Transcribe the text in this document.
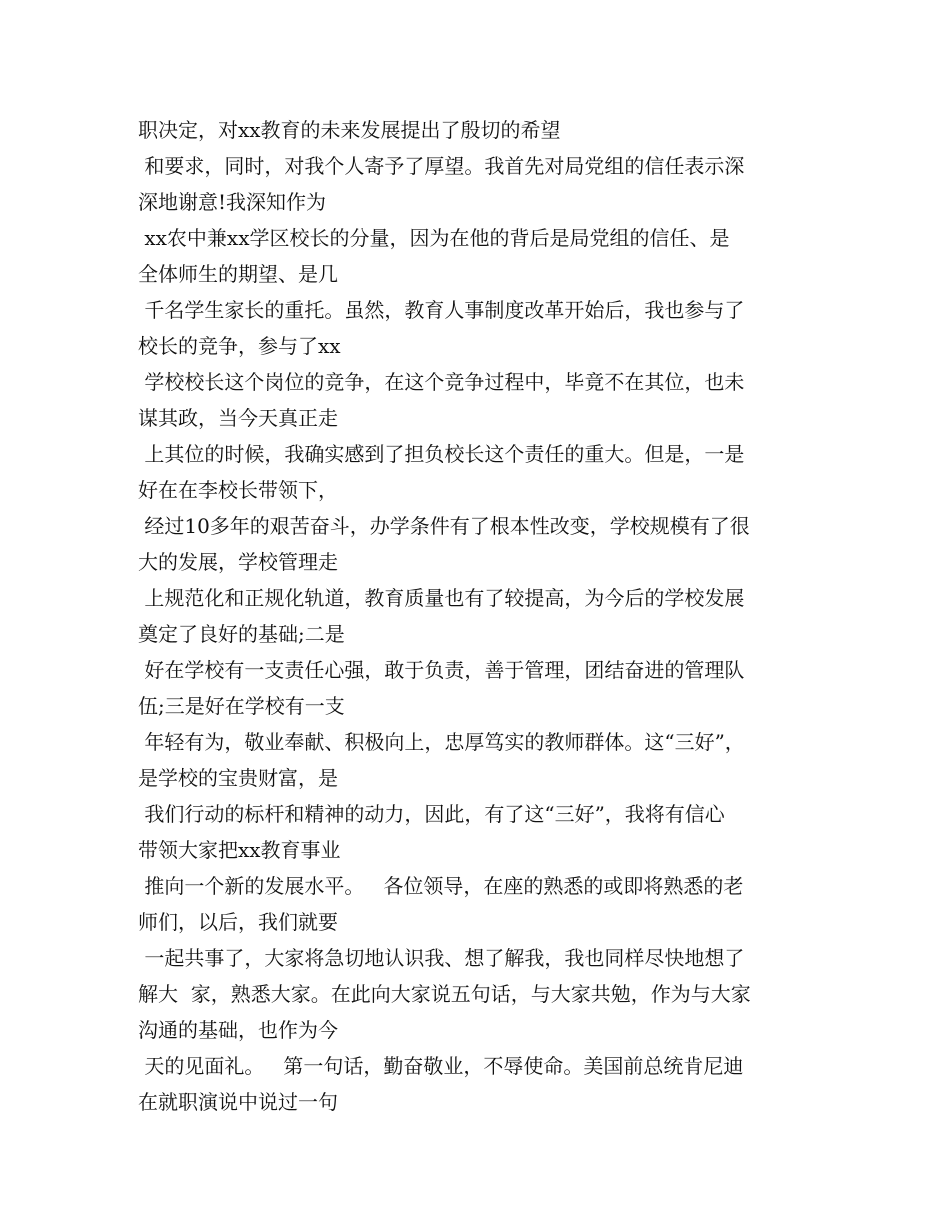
职决定，对xx教育的未来发展提出了殷切的希望
和要求，同时，对我个人寄予了厚望。我首先对局党组的信任表示深
深地谢意!我深知作为
xx农中兼xx学区校长的分量，因为在他的背后是局党组的信任、是
全体师生的期望、是几
千名学生家长的重托。虽然，教育人事制度改革开始后，我也参与了
校长的竞争，参与了xx
学校校长这个岗位的竞争，在这个竞争过程中，毕竟不在其位，也未
谋其政，当今天真正走
上其位的时候，我确实感到了担负校长这个责任的重大。但是，一是
好在在李校长带领下，
经过10多年的艰苦奋斗，办学条件有了根本性改变，学校规模有了很
大的发展，学校管理走
上规范化和正规化轨道，教育质量也有了较提高，为今后的学校发展
奠定了良好的基础;二是
好在学校有一支责任心强，敢于负责，善于管理，团结奋进的管理队
伍;三是好在学校有一支
年轻有为，敬业奉献、积极向上，忠厚笃实的教师群体。这“三好”，
是学校的宝贵财富，是
我们行动的标杆和精神的动力，因此，有了这“三好”，我将有信心
带领大家把xx教育事业
推向一个新的发展水平。   各位领导，在座的熟悉的或即将熟悉的老
师们，以后，我们就要
一起共事了，大家将急切地认识我、想了解我，我也同样尽快地想了
解大  家，熟悉大家。在此向大家说五句话，与大家共勉，作为与大家
沟通的基础，也作为今
天的见面礼。   第一句话，勤奋敬业，不辱使命。美国前总统肯尼迪
在就职演说中说过一句
